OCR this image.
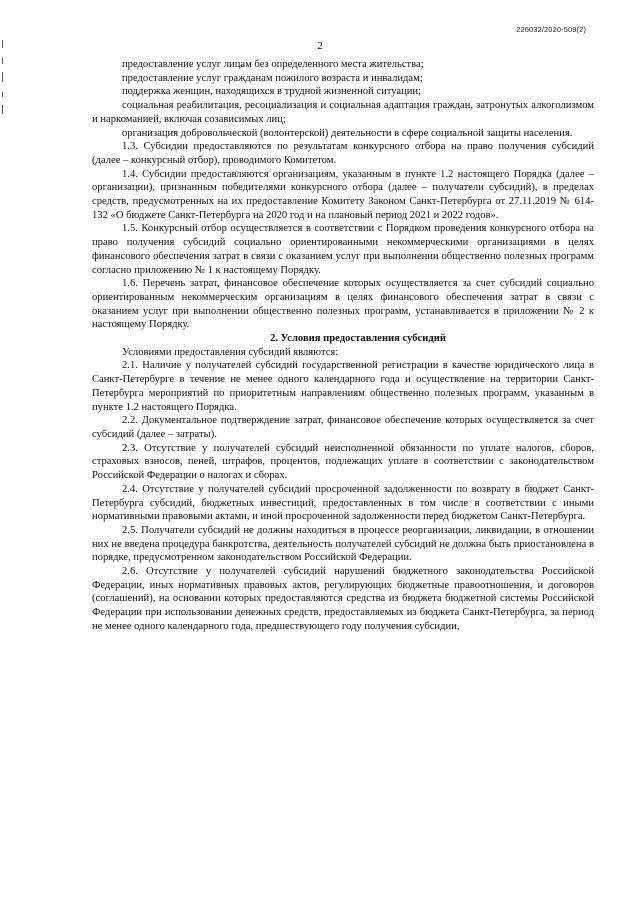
226032/2020-509(2)
2

предоставление услуг лицам без определенного места жительства;

предоставление услуг гражданам пожилого возраста и инвалидам;

поддержка женщин, находящихся в трудной жизненной ситуации;

социальная реабилитация, ресоциализация и социальная адаптация граждан, затронутых алкоголизмом и наркоманией, включая созависимых лиц;

организация добровольческой (волонтерской) деятельности в сфере социальной защиты населения.

1.3. Субсидии предоставляются по результатам конкурсного отбора на право получения субсидий (далее – конкурсный отбор), проводимого Комитетом.

1.4. Субсидии предоставляются организациям, указанным в пункте 1.2 настоящего Порядка (далее – организации), признанным победителями конкурсного отбора (далее – получатели субсидий), в пределах средств, предусмотренных на их предоставление Комитету Законом Санкт-Петербурга от 27.11.2019 № 614-132 «О бюджете Санкт-Петербурга на 2020 год и на плановый период 2021 и 2022 годов».

1.5. Конкурсный отбор осуществляется в соответствии с Порядком проведения конкурсного отбора на право получения субсидий социально ориентированными некоммерческими организациями в целях финансового обеспечения затрат в связи с оказанием услуг при выполнении общественно полезных программ согласно приложению № 1 к настоящему Порядку.

1.6. Перечень затрат, финансовое обеспечение которых осуществляется за счет субсидий социально ориентированным некоммерческим организациям в целях финансового обеспечения затрат в связи с оказанием услуг при выполнении общественно полезных программ, устанавливается в приложении № 2 к настоящему Порядку.

2. Условия предоставления субсидий

Условиями предоставления субсидий являются:

2.1. Наличие у получателей субсидий государственной регистрации в качестве юридического лица в Санкт-Петербурге в течение не менее одного календарного года и осуществление на территории Санкт-Петербурга мероприятий по приоритетным направлениям общественно полезных программ, указанным в пункте 1.2 настоящего Порядка.

2.2. Документальное подтверждение затрат, финансовое обеспечение которых осуществляется за счет субсидий (далее – затраты).

2.3. Отсутствие у получателей субсидий неисполненной обязанности по уплате налогов, сборов, страховых взносов, пеней, штрафов, процентов, подлежащих уплате в соответствии с законодательством Российской Федерации о налогах и сборах.

2.4. Отсутствие у получателей субсидий просроченной задолженности по возврату в бюджет Санкт-Петербурга субсидий, бюджетных инвестиций, предоставленных в том числе в соответствии с иными нормативными правовыми актами, и иной просроченной задолженности перед бюджетом Санкт-Петербурга.

2.5. Получатели субсидий не должны находиться в процессе реорганизации, ликвидации, в отношении них не введена процедура банкротства, деятельность получателей субсидий не должна быть приостановлена в порядке, предусмотренном законодательством Российской Федерации.

2.6. Отсутствие у получателей субсидий нарушений бюджетного законодательства Российской Федерации, иных нормативных правовых актов, регулирующих бюджетные правоотношения, и договоров (соглашений), на основании которых предоставляются средства из бюджета бюджетной системы Российской Федерации при использовании денежных средств, предоставляемых из бюджета Санкт-Петербурга, за период не менее одного календарного года, предшествующего году получения субсидии,
